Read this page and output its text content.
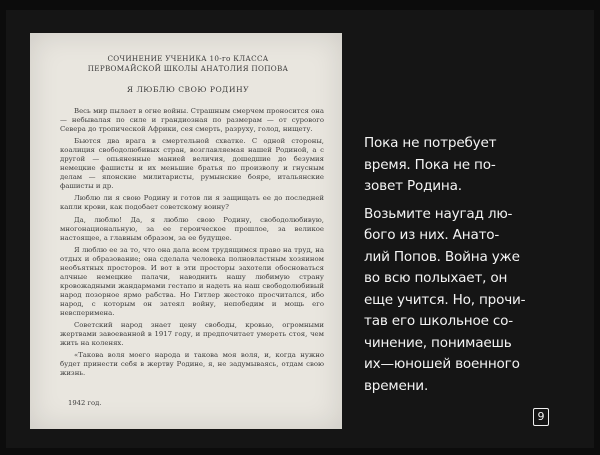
СОЧИНЕНИЕ УЧЕНИКА 10-го КЛАССА ПЕРВОМАЙСКОЙ ШКОЛЫ АНАТОЛИЯ ПОПОВА
Я ЛЮБЛЮ СВОЮ РОДИНУ

Весь мир пылает в огне войны. Страшным смерчем проносится она — небывалая по силе и грандиозная по размерам — от сурового Севера до тропической Африки, сея смерть, разруху, голод, нищету.

Бьются два врага в смертельной схватке. С одной стороны, коалиция свободолюбивых стран, возглавляемая нашей Родиной, а с другой — опьяненные манией величия, дошедшие до безумия немецкие фашисты и их меньшие братья по произволу и гнусным делам — японские милитаристы, румынские бояре, итальянские фашисты и др.

Люблю ли я свою Родину и готов ли я защищать ее до последней капли крови, как подобает советскому воину?

Да, люблю! Да, я люблю свою Родину, свободолюбивую, многонациональную, за ее героическое прошлое, за великое настоящее, а главным образом, за ее будущее.

Я люблю ее за то, что она дала всем трудящимся право на труд, на отдых и образование; она сделала человека полновластным хозяином необъятных просторов. И вот в эти просторы захотели обосноваться алчные немецкие палачи, наводнить нашу любимую страну кровожадными жандармами гестапо и надеть на наш свободолюбивый народ позорное ярмо рабства. Но Гитлер жестоко просчитался, ибо народ, с которым он затеял войну, непобедим и мощь его невсперимена.

Советский народ знает цену свободы, кровью, огромными жертвами завоеванной в 1917 году, и предпочитает умереть стоя, чем жить на коленях.

«Такова воля моего народа и такова моя воля, и, когда нужно будет принести себя в жертву Родине, я, не задумываясь, отдам свою жизнь.

1942 год.

Пока не потребует
время. Пока не по-
зовет Родина.

Возьмите наугад лю-
бого из них. Анато-
лий Попов. Война уже
во всю полыхает, он
еще учится. Но, прочи-
тав его школьное со-
чинение, понимаешь
их—юношей военного
времени.

9
